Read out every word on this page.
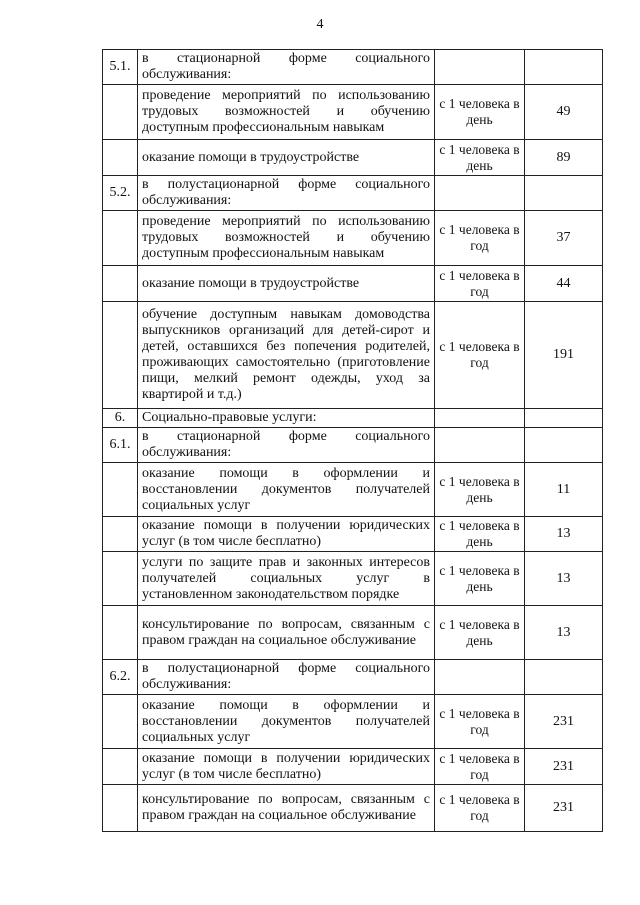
4
5.1.	в стационарной форме социального обслуживания:		
	проведение мероприятий по использованию трудовых возможностей и обучению доступным профессиональным навыкам	с 1 человека в день	49
	оказание помощи в трудоустройстве	с 1 человека в день	89
5.2.	в полустационарной форме социального обслуживания:		
	проведение мероприятий по использованию трудовых возможностей и обучению доступным профессиональным навыкам	с 1 человека в год	37
	оказание помощи в трудоустройстве	с 1 человека в год	44
	обучение доступным навыкам домоводства выпускников организаций для детей-сирот и детей, оставшихся без попечения родителей, проживающих самостоятельно (приготовление пищи, мелкий ремонт одежды, уход за квартирой и т.д.)	с 1 человека в год	191
6.	Социально-правовые услуги:		
6.1.	в стационарной форме социального обслуживания:		
	оказание помощи в оформлении и восстановлении документов получателей социальных услуг	с 1 человека в день	11
	оказание помощи в получении юридических услуг (в том числе бесплатно)	с 1 человека в день	13
	услуги по защите прав и законных интересов получателей социальных услуг в установленном законодательством порядке	с 1 человека в день	13
	консультирование по вопросам, связанным с правом граждан на социальное обслуживание	с 1 человека в день	13
6.2.	в полустационарной форме социального обслуживания:		
	оказание помощи в оформлении и восстановлении документов получателей социальных услуг	с 1 человека в год	231
	оказание помощи в получении юридических услуг (в том числе бесплатно)	с 1 человека в год	231
	консультирование по вопросам, связанным с правом граждан на социальное обслуживание	с 1 человека в год	231
